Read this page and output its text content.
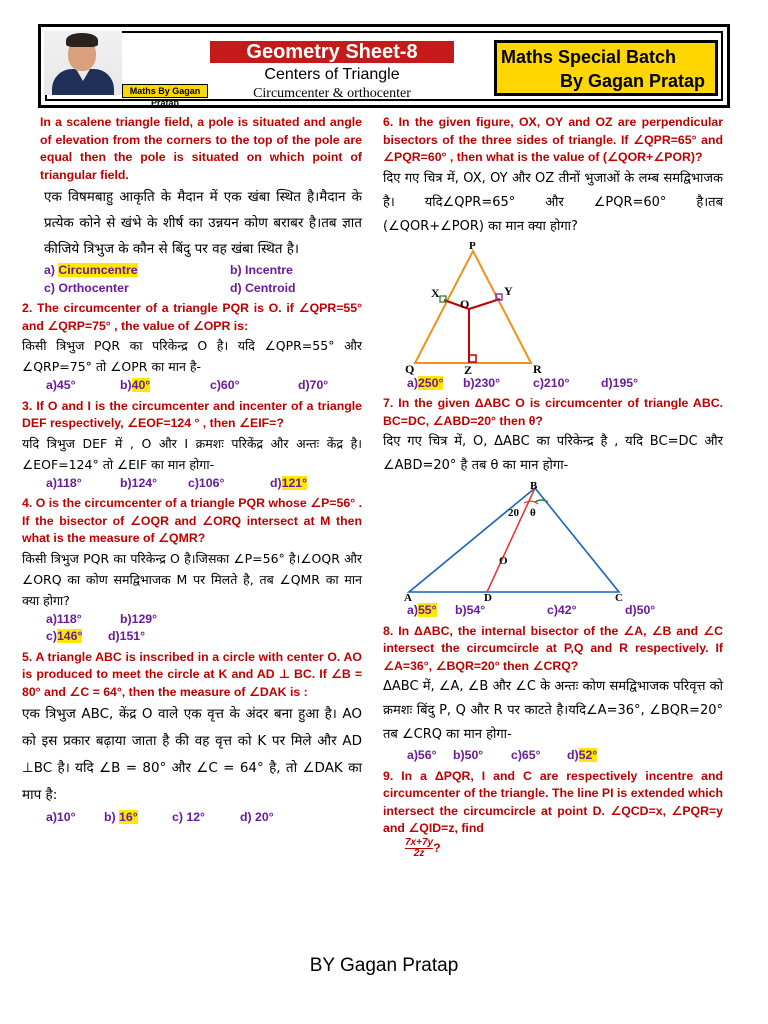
Maths By Gagan Pratap
Geometry Sheet-8
Centers of Triangle
Circumcenter & orthocenter
Maths Special Batch
By Gagan Pratap
In a scalene triangle field, a pole is situated and angle of elevation from the corners to the top of the pole are equal then the pole is situated on which point of triangular field.
एक विषमबाहु आकृति के मैदान में एक खंबा स्थित है।मैदान के प्रत्येक कोने से खंभे के शीर्ष का उन्नयन कोण बराबर है।तब ज्ञात कीजिये त्रिभुज के कौन से बिंदु पर वह खंबा स्थित है।
a) Circumcentre	b) Incentre
c) Orthocenter	d) Centroid
2. The circumcenter of a triangle PQR is O. if ∠QPR=55° and ∠QRP=75° , the value of ∠OPR is:
किसी त्रिभुज PQR का परिकेन्द्र O है। यदि ∠QPR=55° और ∠QRP=75° तो ∠OPR का मान है-
a)45°	b)40°	c)60°	d)70°
3. If O and I is the circumcenter and incenter of a triangle DEF respectively, ∠EOF=124 ° , then ∠EIF=?
यदि त्रिभुज DEF में , O और I क्रमशः परिकेंद्र और अन्तः केंद्र है।∠EOF=124° तो ∠EIF का मान होगा-
a)118°	b)124°	c)106°	d)121°
4. O is the circumcenter of a triangle PQR whose ∠P=56° . If the bisector of ∠OQR and ∠ORQ intersect at M then what is the measure of ∠QMR?
किसी त्रिभुज PQR का परिकेन्द्र O है।जिसका ∠P=56° है।∠OQR और ∠ORQ का कोण समद्विभाजक M पर मिलते है, तब ∠QMR का मान क्या होगा?
a)118°	b)129°
c)146°	d)151°
5. A triangle ABC is inscribed in a circle with center O. AO is produced to meet the circle at K and AD ⊥ BC. If ∠B = 80° and ∠C = 64°, then the measure of ∠DAK is :
एक त्रिभुज ABC, केंद्र O वाले एक वृत्त के अंदर बना हुआ है। AO को इस प्रकार बढ़ाया जाता है की वह वृत्त को K पर मिले और AD ⊥BC है। यदि ∠B = 80° और ∠C = 64° है, तो ∠DAK का माप है:
a)10°	b) 16°	c) 12°	d) 20°
6. In the given figure, OX, OY and OZ are perpendicular bisectors of the three sides of triangle. If ∠QPR=65° and ∠PQR=60° , then what is the value of (∠QOR+∠POR)?
दिए गए चित्र में, OX, OY और OZ तीनों भुजाओं के लम्ब समद्विभाजक है। यदि∠QPR=65° और ∠PQR=60° है।तब (∠QOR+∠POR) का मान क्या होगा?
P
Q	R
X	Y
Z
O
a)250°	b)230°	c)210°	d)195°
7. In the given ΔABC O is circumcenter of triangle ABC. BC=DC, ∠ABD=20° then θ?
दिए गए चित्र में, O, ΔABC का परिकेन्द्र है , यदि BC=DC और ∠ABD=20° है तब θ का मान होगा-
B
A	D	C
O
20 θ
a)55°	b)54°	c)42°	d)50°
8. In ΔABC, the internal bisector of the ∠A, ∠B and ∠C intersect the circumcircle at P,Q and R respectively. If ∠A=36°, ∠BQR=20° then ∠CRQ?
ΔABC में, ∠A, ∠B और ∠C के अन्तः कोण समद्विभाजक परिवृत्त को क्रमशः बिंदु P, Q और R पर काटते है।यदि∠A=36°, ∠BQR=20° तब ∠CRQ का मान होगा-
a)56°	b)50°	c)65°	d)52°
9. In a ΔPQR, I and C are respectively incentre and circumcenter of the triangle. The line PI is extended which intersect the circumcircle at point D. ∠QCD=x, ∠PQR=y and ∠QID=z, find
$\frac{7x+7y}{2z}$?
BY Gagan Pratap
